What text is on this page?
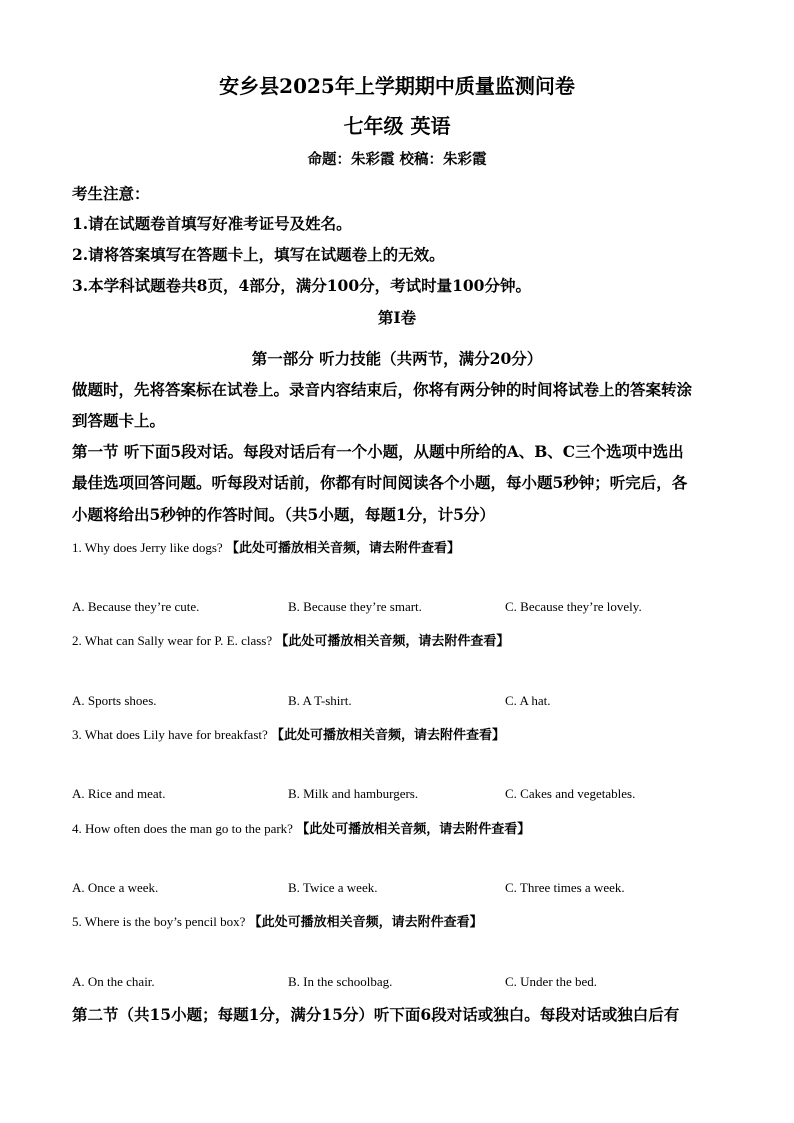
安乡县2025年上学期期中质量监测问卷
七年级 英语
命题：朱彩霞 校稿：朱彩霞
考生注意：
1.请在试题卷首填写好准考证号及姓名。
2.请将答案填写在答题卡上，填写在试题卷上的无效。
3.本学科试题卷共8页，4部分，满分100分，考试时量100分钟。
第I卷
第一部分 听力技能（共两节，满分20分）
做题时，先将答案标在试卷上。录音内容结束后，你将有两分钟的时间将试卷上的答案转涂
到答题卡上。
第一节 听下面5段对话。每段对话后有一个小题，从题中所给的A、B、C三个选项中选出
最佳选项回答问题。听每段对话前，你都有时间阅读各个小题，每小题5秒钟；听完后，各
小题将给出5秒钟的作答时间。（共5小题，每题1分，计5分）
1. Why does Jerry like dogs? 【此处可播放相关音频，请去附件查看】
A. Because they’re cute.	B. Because they’re smart.	C. Because they’re lovely.
2. What can Sally wear for P. E. class? 【此处可播放相关音频，请去附件查看】
A. Sports shoes.	B. A T-shirt.	C. A hat.
3. What does Lily have for breakfast? 【此处可播放相关音频，请去附件查看】
A. Rice and meat.	B. Milk and hamburgers.	C. Cakes and vegetables.
4. How often does the man go to the park? 【此处可播放相关音频，请去附件查看】
A. Once a week.	B. Twice a week.	C. Three times a week.
5. Where is the boy’s pencil box? 【此处可播放相关音频，请去附件查看】
A. On the chair.	B. In the schoolbag.	C. Under the bed.
第二节（共15小题；每题1分，满分15分）听下面6段对话或独白。每段对话或独白后有
